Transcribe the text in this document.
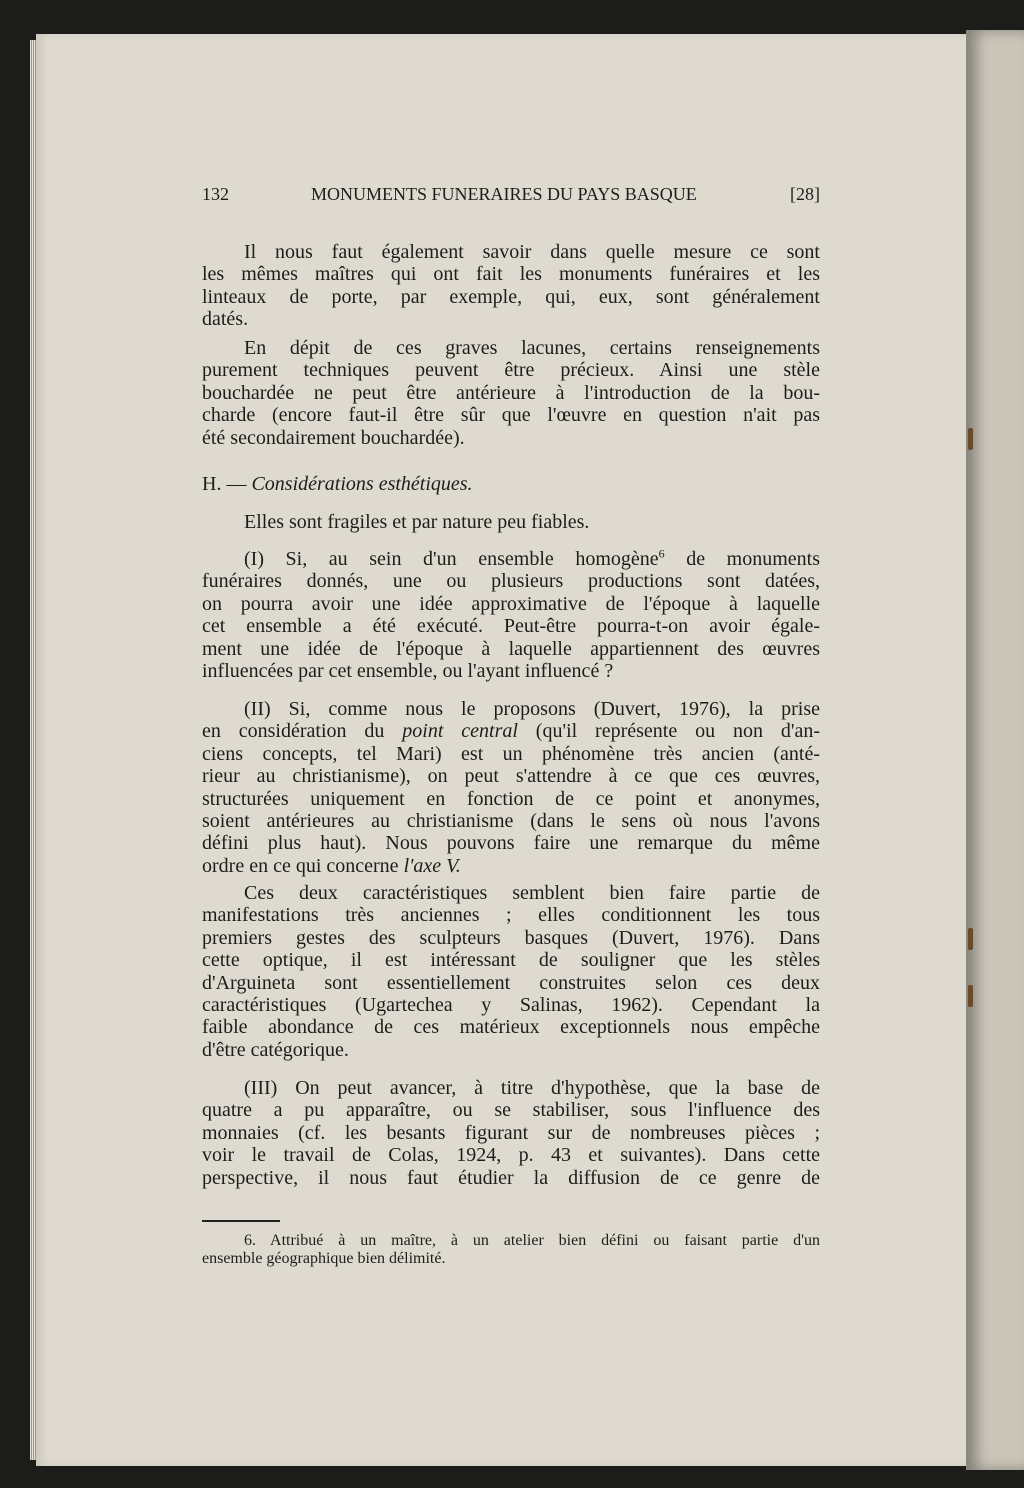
132	MONUMENTS FUNERAIRES DU PAYS BASQUE	[28]
Il nous faut également savoir dans quelle mesure ce sont
les mêmes maîtres qui ont fait les monuments funéraires et les
linteaux de porte, par exemple, qui, eux, sont généralement
datés.
En dépit de ces graves lacunes, certains renseignements
purement techniques peuvent être précieux. Ainsi une stèle
bouchardée ne peut être antérieure à l'introduction de la bou-
charde (encore faut-il être sûr que l'œuvre en question n'ait pas
été secondairement bouchardée).
H. — Considérations esthétiques.
Elles sont fragiles et par nature peu fiables.
(I) Si, au sein d'un ensemble homogène$^6$ de monuments
funéraires donnés, une ou plusieurs productions sont datées,
on pourra avoir une idée approximative de l'époque à laquelle
cet ensemble a été exécuté. Peut-être pourra-t-on avoir égale-
ment une idée de l'époque à laquelle appartiennent des œuvres
influencées par cet ensemble, ou l'ayant influencé ?
(II) Si, comme nous le proposons (Duvert, 1976), la prise
en considération du point central (qu'il représente ou non d'an-
ciens concepts, tel Mari) est un phénomène très ancien (anté-
rieur au christianisme), on peut s'attendre à ce que ces œuvres,
structurées uniquement en fonction de ce point et anonymes,
soient antérieures au christianisme (dans le sens où nous l'avons
défini plus haut). Nous pouvons faire une remarque du même
ordre en ce qui concerne l'axe V.
Ces deux caractéristiques semblent bien faire partie de
manifestations très anciennes ; elles conditionnent les tous
premiers gestes des sculpteurs basques (Duvert, 1976). Dans
cette optique, il est intéressant de souligner que les stèles
d'Arguineta sont essentiellement construites selon ces deux
caractéristiques (Ugartechea y Salinas, 1962). Cependant la
faible abondance de ces matérieux exceptionnels nous empêche
d'être catégorique.
(III) On peut avancer, à titre d'hypothèse, que la base de
quatre a pu apparaître, ou se stabiliser, sous l'influence des
monnaies (cf. les besants figurant sur de nombreuses pièces ;
voir le travail de Colas, 1924, p. 43 et suivantes). Dans cette
perspective, il nous faut étudier la diffusion de ce genre de
6. Attribué à un maître, à un atelier bien défini ou faisant partie d'un
ensemble géographique bien délimité.
